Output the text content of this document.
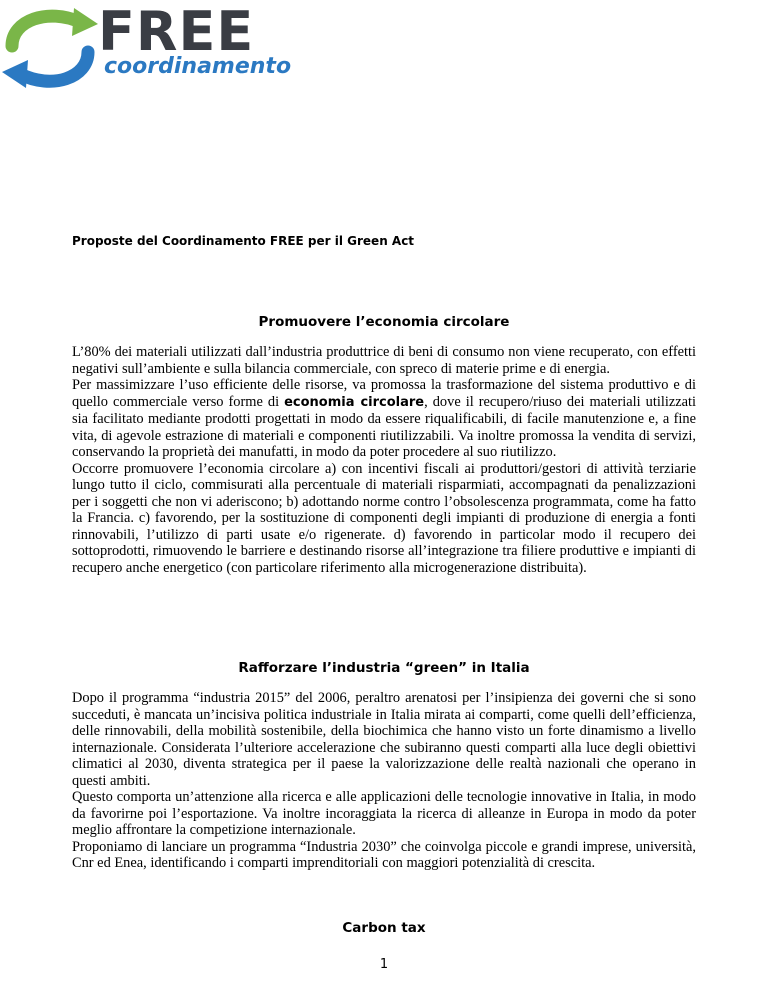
FREE
coordinamento
Proposte del Coordinamento FREE per il Green Act
Promuovere l’economia circolare

L’80% dei materiali utilizzati dall’industria produttrice di beni di consumo non viene recuperato, con effetti negativi sull’ambiente e sulla bilancia commerciale, con spreco di materie prime e di energia.

Per massimizzare l’uso efficiente delle risorse, va promossa la trasformazione del sistema produttivo e di quello commerciale verso forme di economia circolare, dove il recupero/riuso dei materiali utilizzati sia facilitato mediante prodotti progettati in modo da essere riqualificabili, di facile manutenzione e, a fine vita, di agevole estrazione di materiali e componenti riutilizzabili. Va inoltre promossa la vendita di servizi, conservando la proprietà dei manufatti, in modo da poter procedere al suo riutilizzo.

Occorre promuovere l’economia circolare a) con incentivi fiscali ai produttori/gestori di attività terziarie lungo tutto il ciclo, commisurati alla percentuale di materiali risparmiati, accompagnati da penalizzazioni per i soggetti che non vi aderiscono; b) adottando norme contro l’obsolescenza programmata, come ha fatto la Francia. c) favorendo, per la sostituzione di componenti degli impianti di produzione di energia a fonti rinnovabili, l’utilizzo di parti usate e/o rigenerate. d) favorendo in particolar modo il recupero dei sottoprodotti, rimuovendo le barriere e destinando risorse all’integrazione tra filiere produttive e impianti di recupero anche energetico (con particolare riferimento alla microgenerazione distribuita).

Rafforzare l’industria “green” in Italia

Dopo il programma “industria 2015” del 2006, peraltro arenatosi per l’insipienza dei governi che si sono succeduti, è mancata un’incisiva politica industriale in Italia mirata ai comparti, come quelli dell’efficienza, delle rinnovabili, della mobilità sostenibile, della biochimica che hanno visto un forte dinamismo a livello internazionale. Considerata l’ulteriore accelerazione che subiranno questi comparti alla luce degli obiettivi climatici al 2030, diventa strategica per il paese la valorizzazione delle realtà nazionali che operano in questi ambiti.

Questo comporta un’attenzione alla ricerca e alle applicazioni delle tecnologie innovative in Italia, in modo da favorirne poi l’esportazione. Va inoltre incoraggiata la ricerca di alleanze in Europa in modo da poter meglio affrontare la competizione internazionale.

Proponiamo di lanciare un programma “Industria 2030” che coinvolga piccole e grandi imprese, università, Cnr ed Enea, identificando i comparti imprenditoriali con maggiori potenzialità di crescita.

Carbon tax
1
